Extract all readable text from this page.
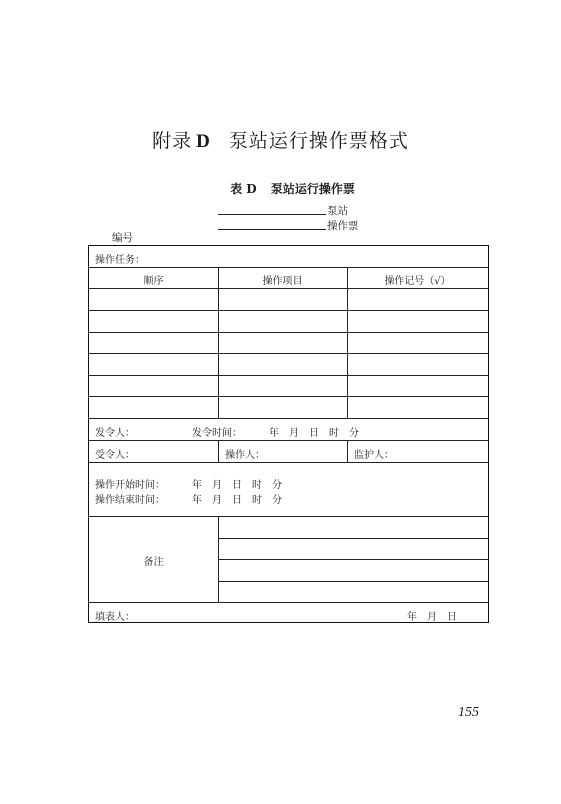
附录 D 泵站运行操作票格式
表 D 泵站运行操作票
泵站
操作票
编号
操作任务：
顺序	操作项目	操作记号（√）
发令人：	发令时间：	年　月　日　时　分
受令人：	操作人：	监护人：
操作开始时间：	年　月　日　时　分
操作结束时间：	年　月　日　时　分
备注
填表人：	年　月　日
155
